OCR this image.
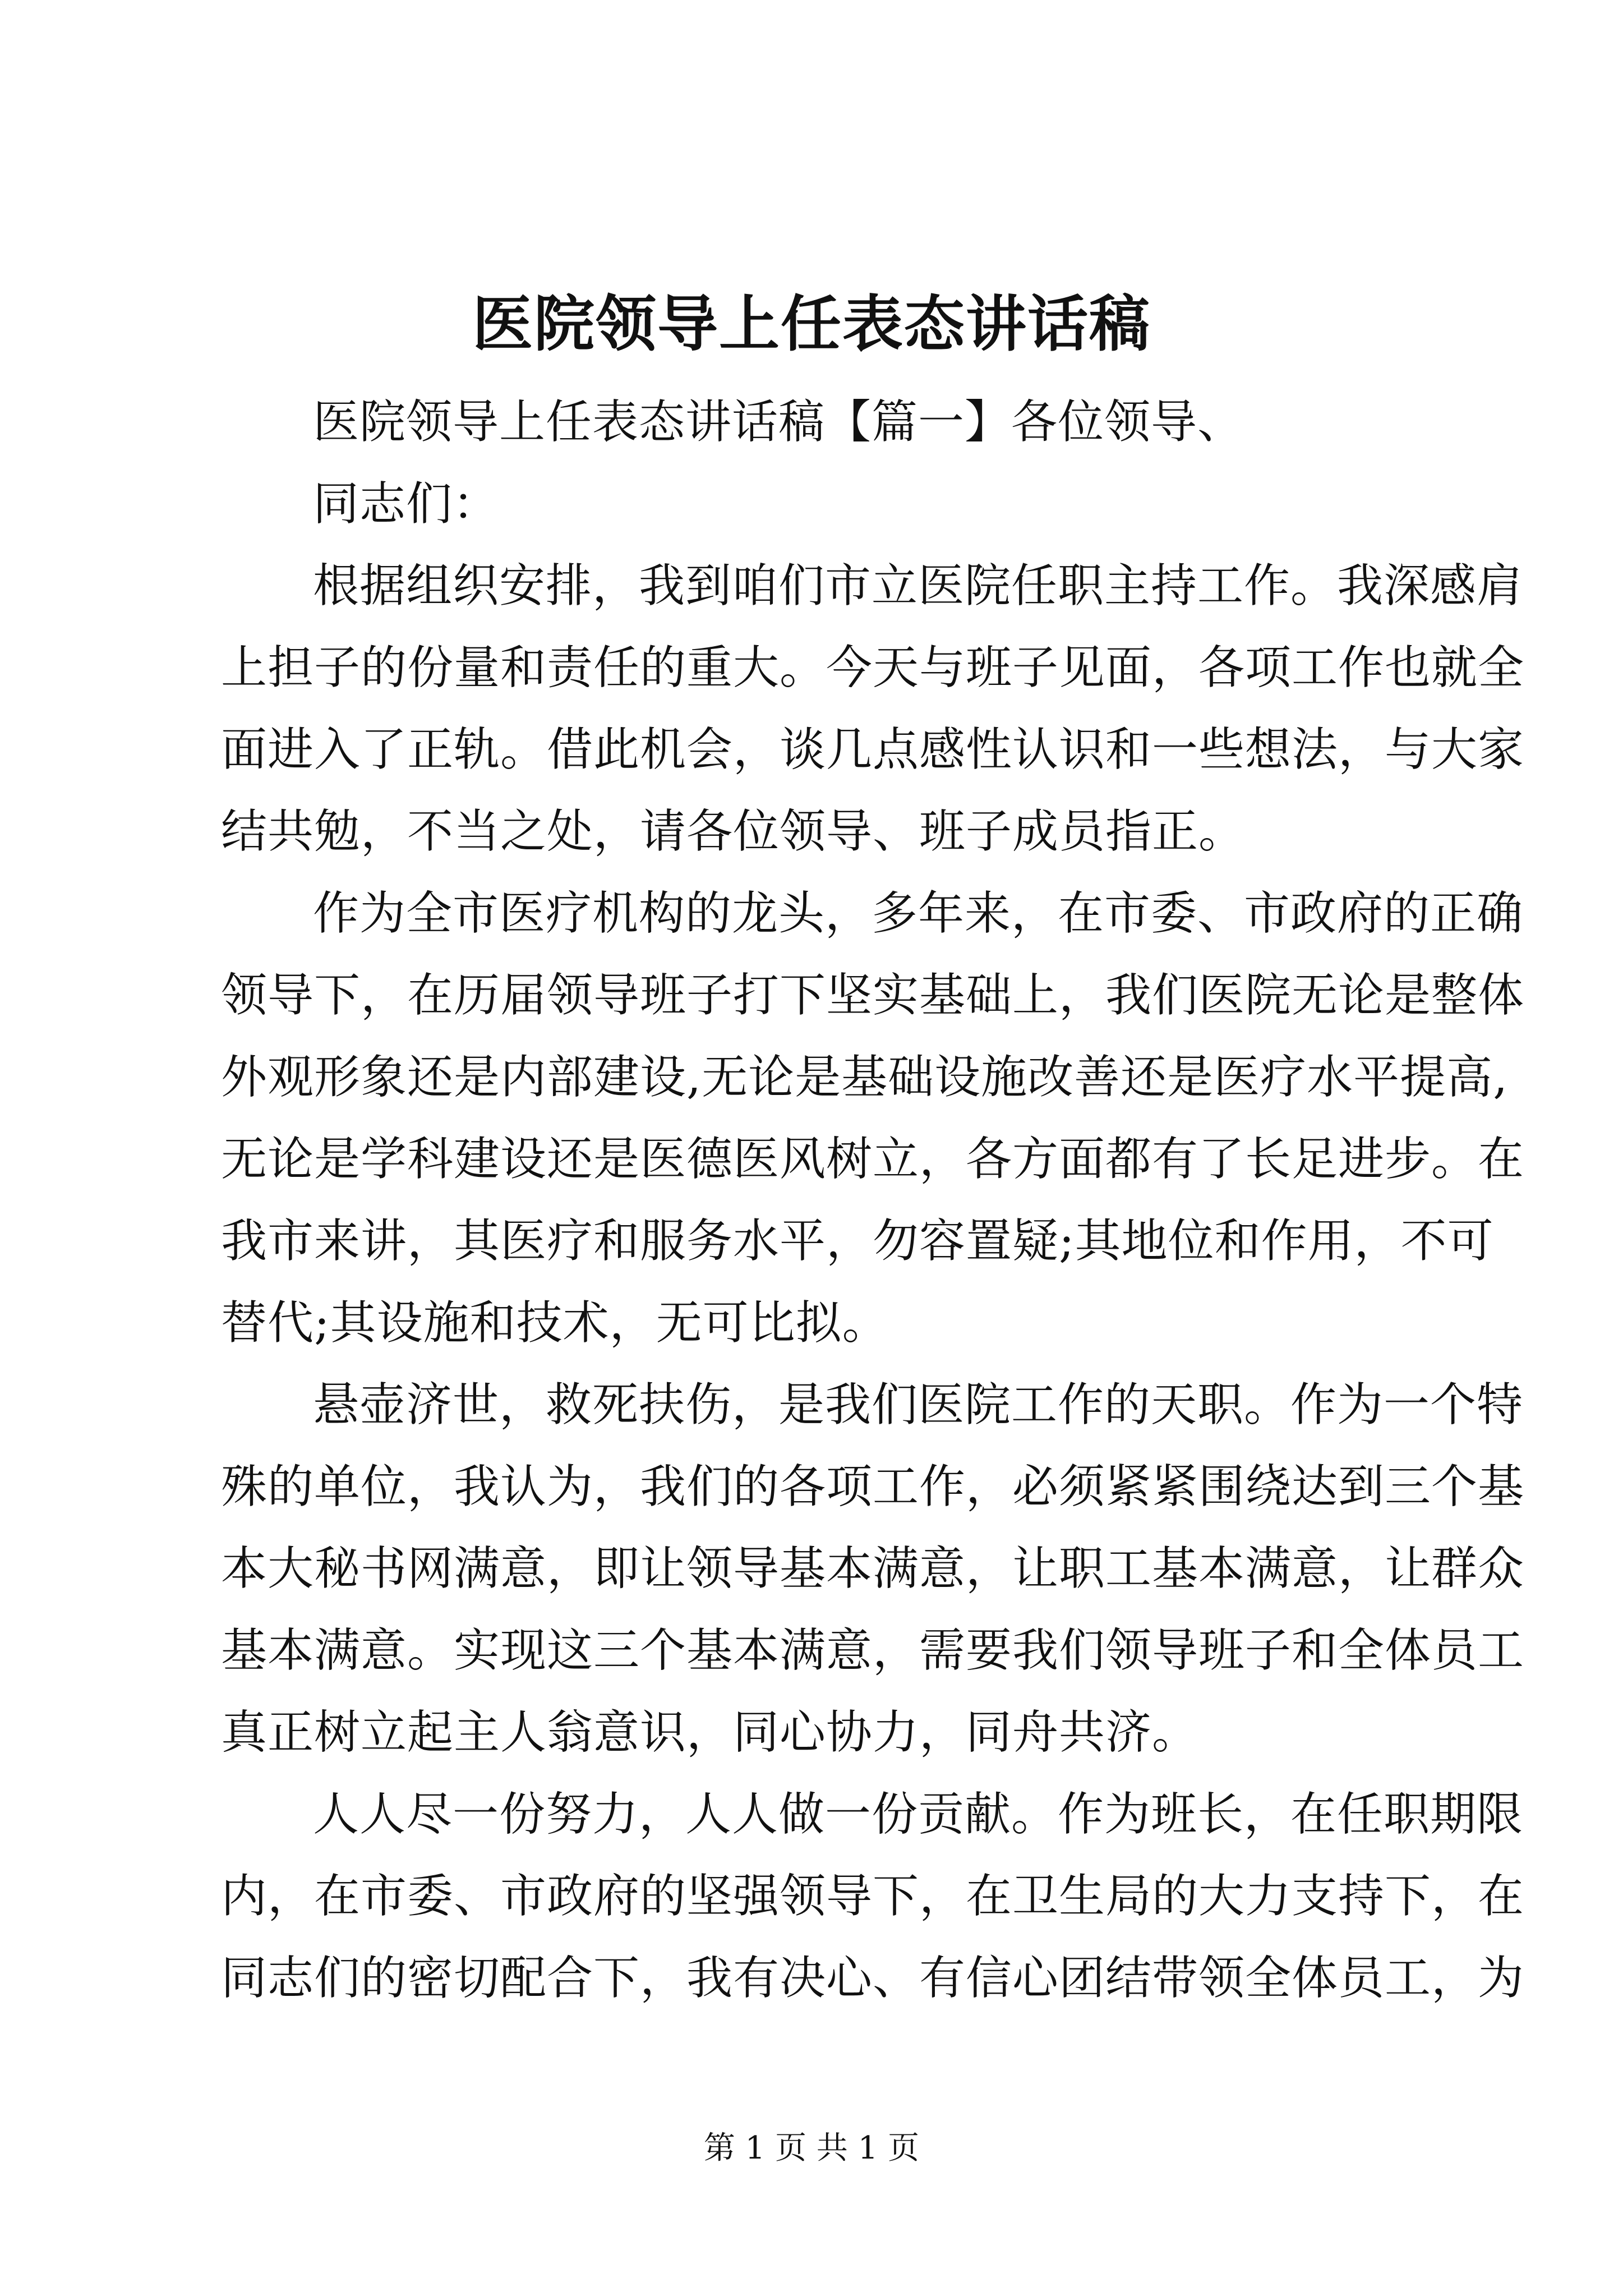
医院领导上任表态讲话稿

医院领导上任表态讲话稿【篇一】各位领导、

同志们：

根据组织安排，我到咱们市立医院任职主持工作。我深感肩
上担子的份量和责任的重大。今天与班子见面，各项工作也就全
面进入了正轨。借此机会，谈几点感性认识和一些想法，与大家
结共勉，不当之处，请各位领导、班子成员指正。

作为全市医疗机构的龙头，多年来，在市委、市政府的正确
领导下，在历届领导班子打下坚实基础上，我们医院无论是整体
外观形象还是内部建设,无论是基础设施改善还是医疗水平提高,
无论是学科建设还是医德医风树立，各方面都有了长足进步。在
我市来讲，其医疗和服务水平，勿容置疑;其地位和作用，不可
替代;其设施和技术，无可比拟。

悬壶济世，救死扶伤，是我们医院工作的天职。作为一个特
殊的单位，我认为，我们的各项工作，必须紧紧围绕达到三个基
本大秘书网满意，即让领导基本满意，让职工基本满意，让群众
基本满意。实现这三个基本满意，需要我们领导班子和全体员工
真正树立起主人翁意识，同心协力，同舟共济。

人人尽一份努力，人人做一份贡献。作为班长，在任职期限
内，在市委、市政府的坚强领导下，在卫生局的大力支持下，在
同志们的密切配合下，我有决心、有信心团结带领全体员工，为

第 1 页 共 1 页
